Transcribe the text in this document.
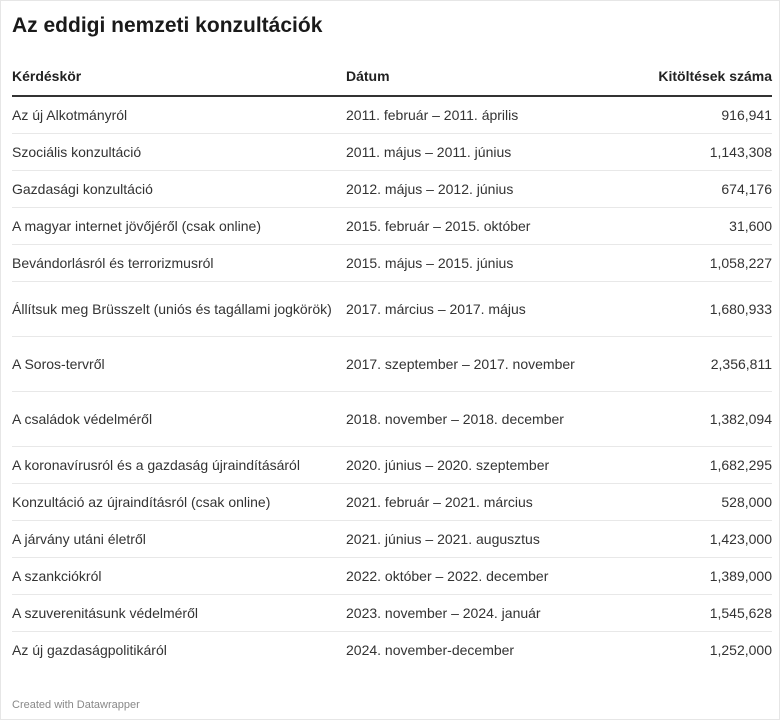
Az eddigi nemzeti konzultációk
Kérdéskör	Dátum	Kitöltések száma
Az új Alkotmányról	2011. február – 2011. április	916,941
Szociális konzultáció	2011. május – 2011. június	1,143,308
Gazdasági konzultáció	2012. május – 2012. június	674,176
A magyar internet jövőjéről (csak online)	2015. február – 2015. október	31,600
Bevándorlásról és terrorizmusról	2015. május – 2015. június	1,058,227
Állítsuk meg Brüsszelt (uniós és tagállami jogkörök)	2017. március – 2017. május	1,680,933
A Soros-tervről	2017. szeptember – 2017. november	2,356,811
A családok védelméről	2018. november – 2018. december	1,382,094
A koronavírusról és a gazdaság újraindításáról	2020. június – 2020. szeptember	1,682,295
Konzultáció az újraindításról (csak online)	2021. február – 2021. március	528,000
A járvány utáni életről	2021. június – 2021. augusztus	1,423,000
A szankciókról	2022. október – 2022. december	1,389,000
A szuverenitásunk védelméről	2023. november – 2024. január	1,545,628
Az új gazdaságpolitikáról	2024. november-december	1,252,000
Created with Datawrapper
